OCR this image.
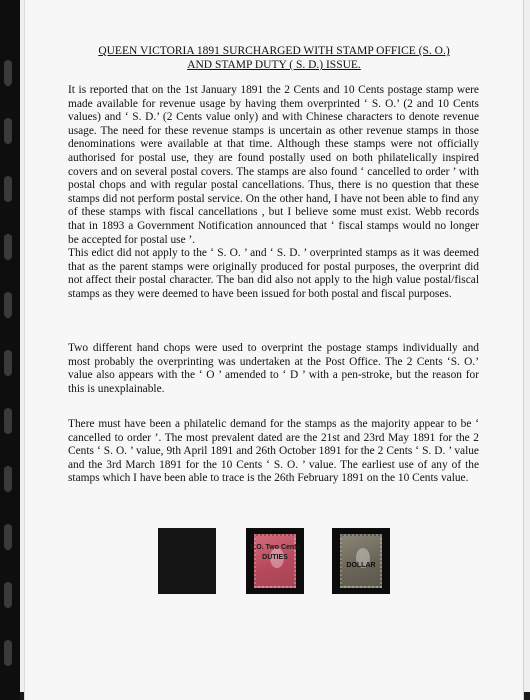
QUEEN VICTORIA 1891 SURCHARGED WITH STAMP OFFICE (S. O.)
AND STAMP DUTY ( S. D.) ISSUE.

It is reported that on the 1st January 1891 the 2 Cents and 10 Cents postage stamp were made available for revenue usage by having them overprinted ‘ S. O.’ (2 and 10 Cents values) and ‘ S. D.’ (2 Cents value only) and with Chinese characters to denote revenue usage. The need for these revenue stamps is uncertain as other revenue stamps in those denominations were available at that time. Although these stamps were not officially authorised for postal use, they are found postally used on both philatelically inspired covers and on several postal covers. The stamps are also found ‘ cancelled to order ’ with postal chops and with regular postal cancellations. Thus, there is no question that these stamps did not perform postal service. On the other hand, I have not been able to find any of these stamps with fiscal cancellations , but I believe some must exist. Webb records that in 1893 a Government Notification announced that ‘ fiscal stamps would no longer be accepted for postal use ’.

This edict did not apply to the ‘ S. O. ’ and ‘ S. D. ’ overprinted stamps as it was deemed that as the parent stamps were originally produced for postal purposes, the overprint did not affect their postal character. The ban did also not apply to the high value postal/fiscal stamps as they were deemed to have been issued for both postal and fiscal purposes.

Two different hand chops were used to overprint the postage stamps individually and most probably the overprinting was undertaken at the Post Office. The 2 Cents ‘S. O.’ value also appears with the ‘ O ’ amended to ‘ D ’ with a pen-stroke, but the reason for this is unexplainable.

There must have been a philatelic demand for the stamps as the majority appear to be ‘ cancelled to order ’. The most prevalent dated are the 21st and 23rd May 1891 for the 2 Cents ‘ S. O. ’ value, 9th April 1891 and 26th October 1891 for the 2 Cents ‘ S. D. ’ value and the 3rd March 1891 for the 10 Cents ‘ S. O. ’ value. The earliest use of any of the stamps which I have been able to trace is the 26th February 1891 on the 10 Cents value.

S.O. Two Cents
DUTIES
DOLLAR
